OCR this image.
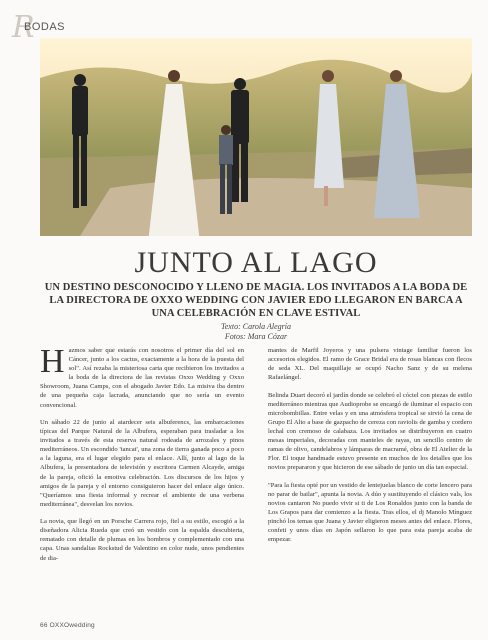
R
BODAS
JUNTO AL LAGO

UN DESTINO DESCONOCIDO Y LLENO DE MAGIA. LOS INVITADOS A LA BODA DE LA DIRECTORA DE OXXO WEDDING CON JAVIER EDO LLEGARON EN BARCA A UNA CELEBRACIÓN EN CLAVE ESTIVAL

Texto: Carola Alegría
Fotos: Mara Cózar

Hazmos saber que estarás con nosotros el primer día del sol en Cáncer, junto a los cactus, exactamente a la hora de la puesta del sol". Así rezaba la misteriosa carta que recibieron los invitados a la boda de la directora de las revistas Oxxo Wedding y Oxxo Showroom, Juana Camps, con el abogado Javier Edo. La misiva iba dentro de una pequeña caja lacrada, anunciando que no sería un evento convencional.

Un sábado 22 de junio al atardecer seis albuferencs, las embarcaciones típicas del Parque Natural de la Albufera, esperaban para trasladar a los invitados a través de esta reserva natural rodeada de arrozales y pinos mediterráneos. Un escondido 'tancat', una zona de tierra ganada poco a poco a la laguna, era el lugar elegido para el enlace. Allí, junto al lago de la Albufera, la presentadora de televisión y escritora Carmen Alcayde, amiga de la pareja, ofició la emotiva celebración. Los discursos de los hijos y amigos de la pareja y el entorno consiguieron hacer del enlace algo único. "Queríamos una fiesta informal y recrear el ambiente de una verbena mediterránea", desvelan los novios.

La novia, que llegó en un Porsche Carrera rojo, fiel a su estilo, escogió a la diseñadora Alicia Rueda que creó un vestido con la espalda descubierta, rematado con detalle de plumas en los hombros y complementado con una capa. Unas sandalias Rockstud de Valentino en color nude, unos pendientes de dia-

mantes de Marfil Joyeros y una pulsera vintage familiar fueron los accesorios elegidos. El ramo de Grace Bridal era de rosas blancas con flecos de seda XL. Del maquillaje se ocupó Nacho Sanz y de su melena Rafaelángel.

Belinda Duart decoró el jardín donde se celebró el cóctel con piezas de estilo mediterráneo mientras que Audioprobe se encargó de iluminar el espacio con microbombillas. Entre velas y en una atmósfera tropical se sirvió la cena de Grupo El Alto a base de gazpacho de cereza con raviolis de gamba y cordero lechal con cremoso de calabaza. Los invitados se distribuyeron en cuatro mesas imperiales, decoradas con manteles de rayas, un sencillo centro de ramas de olivo, candelabros y lámparas de macramé, obra de El Atelier de la Flor. El toque handmade estuvo presente en muchos de los detalles que los novios prepararon y que hicieron de ese sábado de junio un día tan especial.

"Para la fiesta opté por un vestido de lentejuelas blanco de corte lencero para no parar de bailar", apunta la novia. A dúo y sustituyendo el clásico vals, los novios cantaron No puedo vivir si ti de Los Ronaldos junto con la banda de Los Grapos para dar comienzo a la fiesta. Tras ellos, el dj Manolo Mínguez pinchó los temas que Juana y Javier eligieron meses antes del enlace. Flores, confeti y unos días en Japón sellaron lo que para esta pareja acaba de empezar.

66 OXXOwedding
